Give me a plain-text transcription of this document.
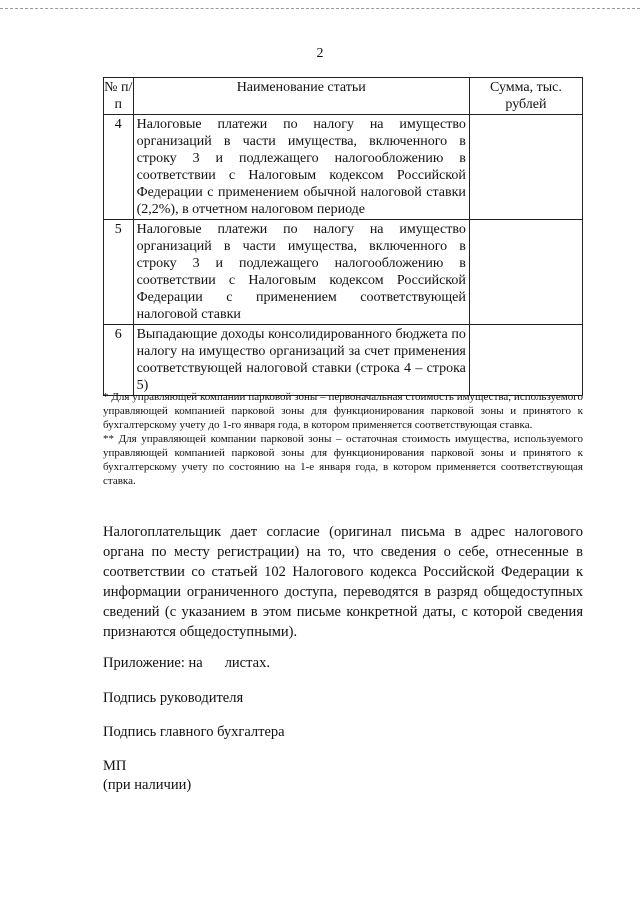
2
№ п/п	Наименование статьи	Сумма, тыс. рублей
4	Налоговые платежи по налогу на имущество организаций в части имущества, включенного в строку 3 и подлежащего налогообложению в соответствии с Налоговым кодексом Российской Федерации с применением обычной налоговой ставки (2,2%), в отчетном налоговом периоде	

5	Налоговые платежи по налогу на имущество организаций в части имущества, включенного в строку 3 и подлежащего налогообложению в соответствии с Налоговым кодексом Российской Федерации с применением соответствующей налоговой ставки	

6	Выпадающие доходы консолидированного бюджета по налогу на имущество организаций за счет применения соответствующей налоговой ставки (строка 4 – строка 5)	

* Для управляющей компании парковой зоны – первоначальная стоимость имущества, используемого управляющей компанией парковой зоны для функционирования парковой зоны и принятого к бухгалтерскому учету до 1-го января года, в котором применяется соответствующая ставка.

** Для управляющей компании парковой зоны – остаточная стоимость имущества, используемого управляющей компанией парковой зоны для функционирования парковой зоны и принятого к бухгалтерскому учету по состоянию на 1-е января года, в котором применяется соответствующая ставка.

Налогоплательщик дает согласие (оригинал письма в адрес налогового органа по месту регистрации) на то, что сведения о себе, отнесенные в соответствии со статьей 102 Налогового кодекса Российской Федерации к информации ограниченного доступа, переводятся в разряд общедоступных сведений (с указанием в этом письме конкретной даты, с которой сведения признаются общедоступными).

Приложение: на листах.

Подпись руководителя

Подпись главного бухгалтера

МП

(при наличии)
